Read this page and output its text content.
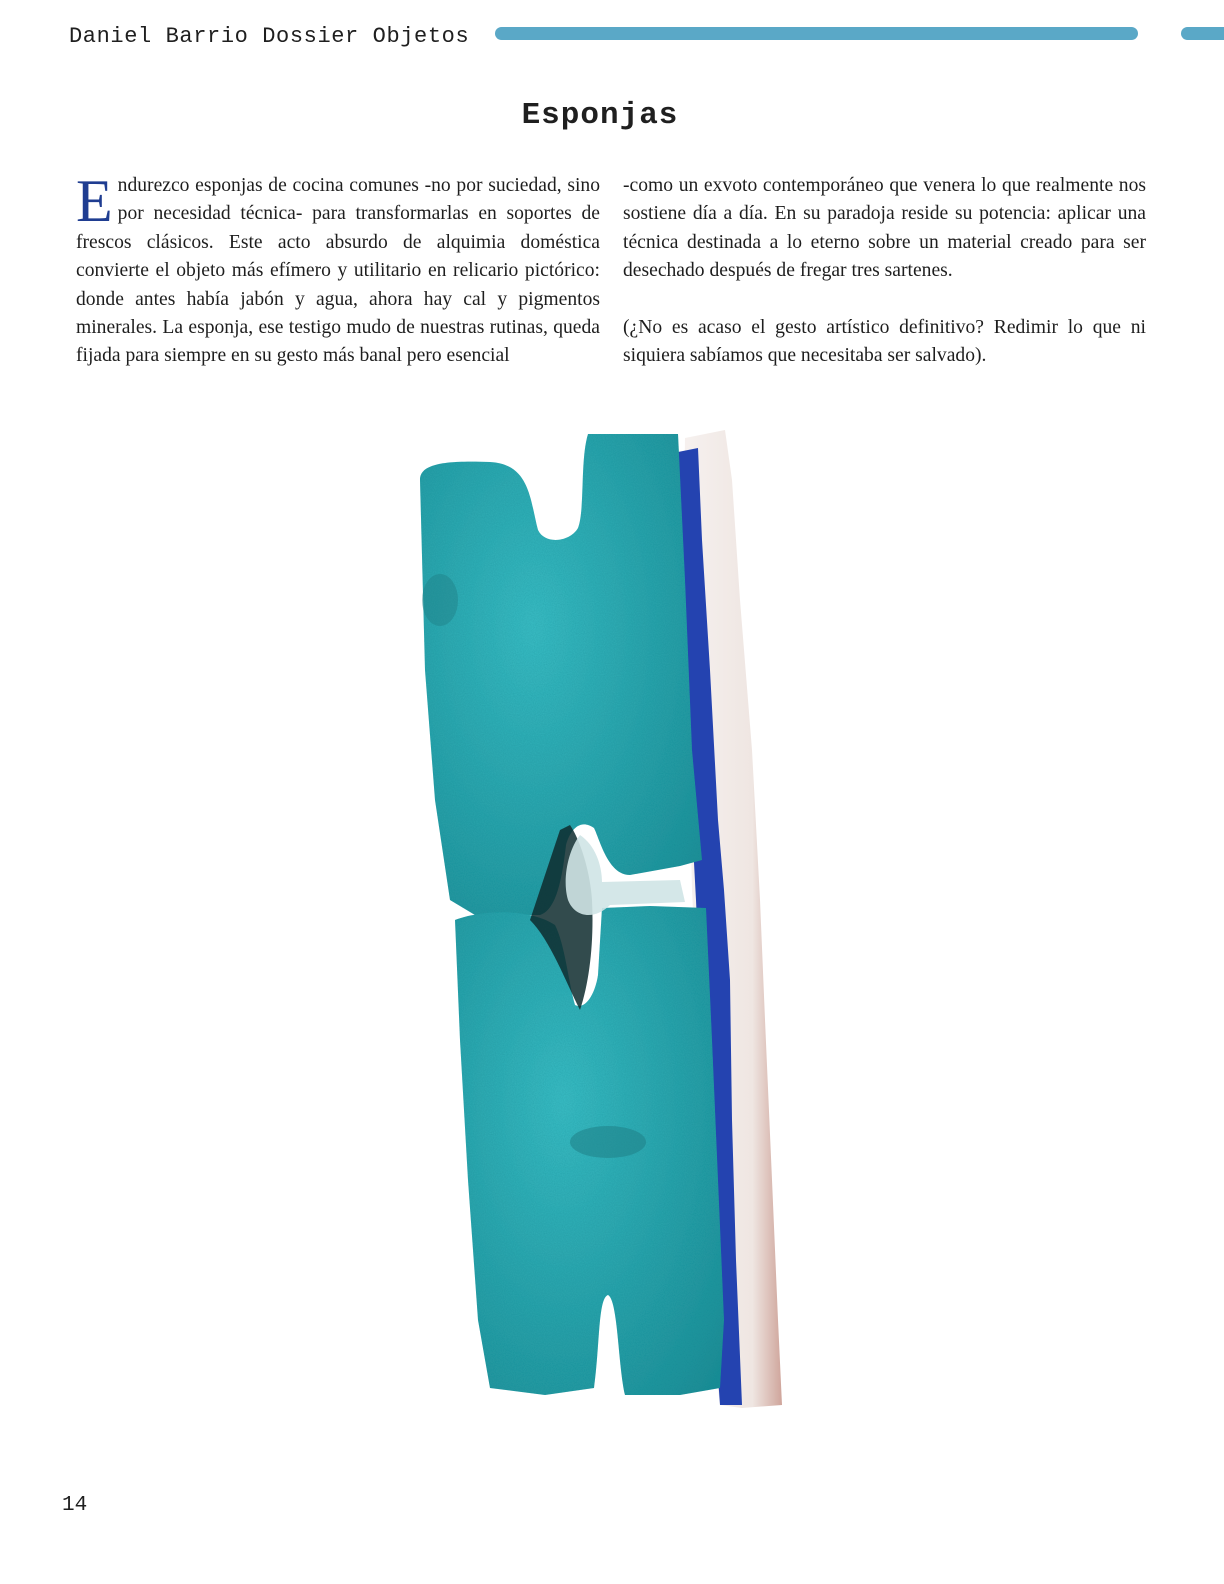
Daniel Barrio Dossier Objetos
Esponjas

Endurezco esponjas de cocina comunes -no por suciedad, sino por necesidad técnica- para transformarlas en soportes de frescos clásicos. Este acto absurdo de alquimia doméstica convierte el objeto más efímero y utilitario en relicario pictórico: donde antes había jabón y agua, ahora hay cal y pigmentos minerales. La esponja, ese testigo mudo de nuestras rutinas, queda fijada para siempre en su gesto más banal pero esencial

-como un exvoto contemporáneo que venera lo que realmente nos sostiene día a día. En su paradoja reside su potencia: aplicar una técnica destinada a lo eterno sobre un material creado para ser desechado después de fregar tres sartenes.

(¿No es acaso el gesto artístico definitivo? Redimir lo que ni siquiera sabíamos que necesitaba ser salvado).

14
